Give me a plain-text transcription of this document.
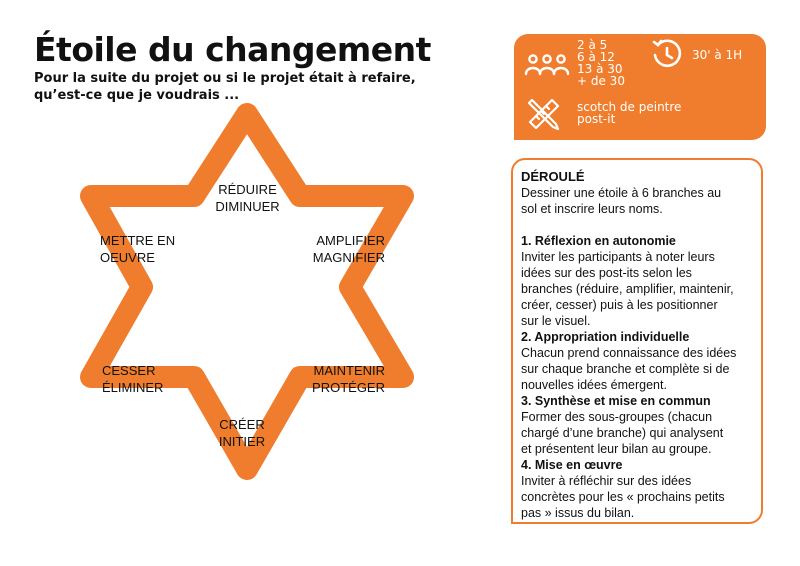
Étoile du changement
Pour la suite du projet ou si le projet était à refaire,
qu’est-ce que je voudrais ...
RÉDUIRE
DIMINUER
METTRE EN
OEUVRE
AMPLIFIER
MAGNIFIER
CESSER
ÉLIMINER
MAINTENIR
PROTÉGER
CRÉER
INITIER
2 à 5
6 à 12
13 à 30
+ de 30
30' à 1H
scotch de peintre
post-it
DÉROULÉ
Dessiner une étoile à 6 branches au
sol et inscrire leurs noms.
1. Réflexion en autonomie
Inviter les participants à noter leurs
idées sur des post-its selon les
branches (réduire, amplifier, maintenir,
créer, cesser) puis à les positionner
sur le visuel.
2. Appropriation individuelle
Chacun prend connaissance des idées
sur chaque branche et complète si de
nouvelles idées émergent.
3. Synthèse et mise en commun
Former des sous-groupes (chacun
chargé d’une branche) qui analysent
et présentent leur bilan au groupe.
4. Mise en œuvre
Inviter à réfléchir sur des idées
concrètes pour les « prochains petits
pas » issus du bilan.
